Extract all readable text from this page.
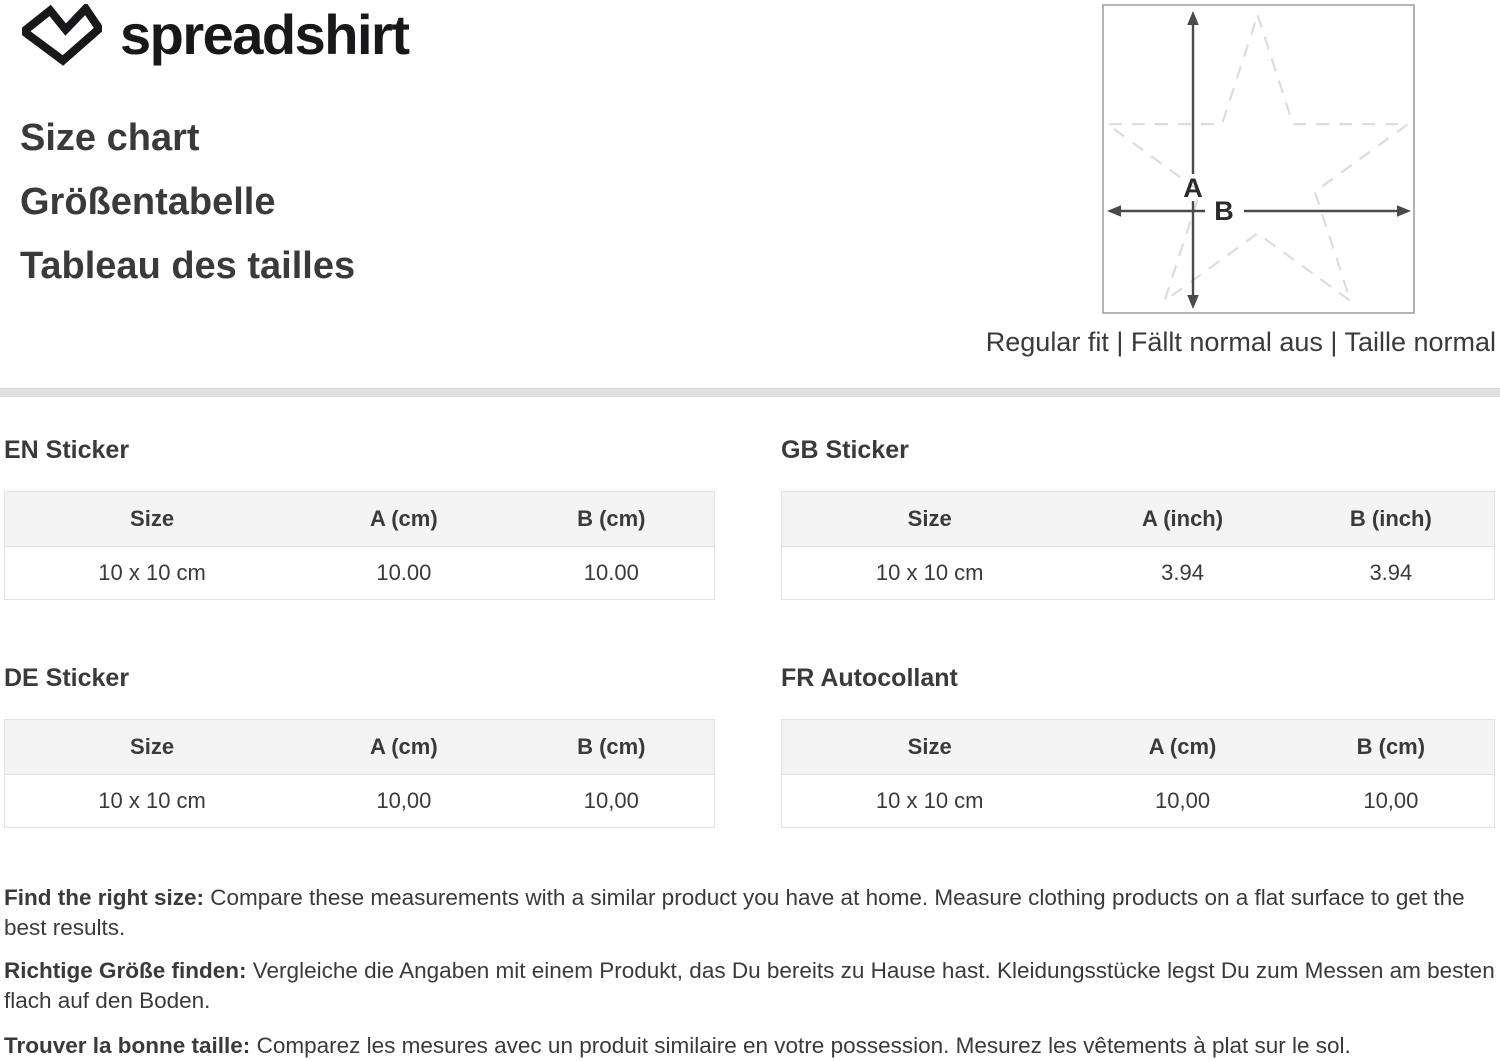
spreadshirt
Size chart
Größentabelle
Tableau des tailles
A
B
Regular fit | Fällt normal aus | Taille normal
EN Sticker
Size	A (cm)	B (cm)
10 x 10 cm	10.00	10.00
GB Sticker
Size	A (inch)	B (inch)
10 x 10 cm	3.94	3.94
DE Sticker
Size	A (cm)	B (cm)
10 x 10 cm	10,00	10,00
FR Autocollant
Size	A (cm)	B (cm)
10 x 10 cm	10,00	10,00
Find the right size: Compare these measurements with a similar product you have at home. Measure clothing products on a flat surface to get the best results.
Richtige Größe finden: Vergleiche die Angaben mit einem Produkt, das Du bereits zu Hause hast. Kleidungsstücke legst Du zum Messen am besten flach auf den Boden.
Trouver la bonne taille: Comparez les mesures avec un produit similaire en votre possession. Mesurez les vêtements à plat sur le sol.
